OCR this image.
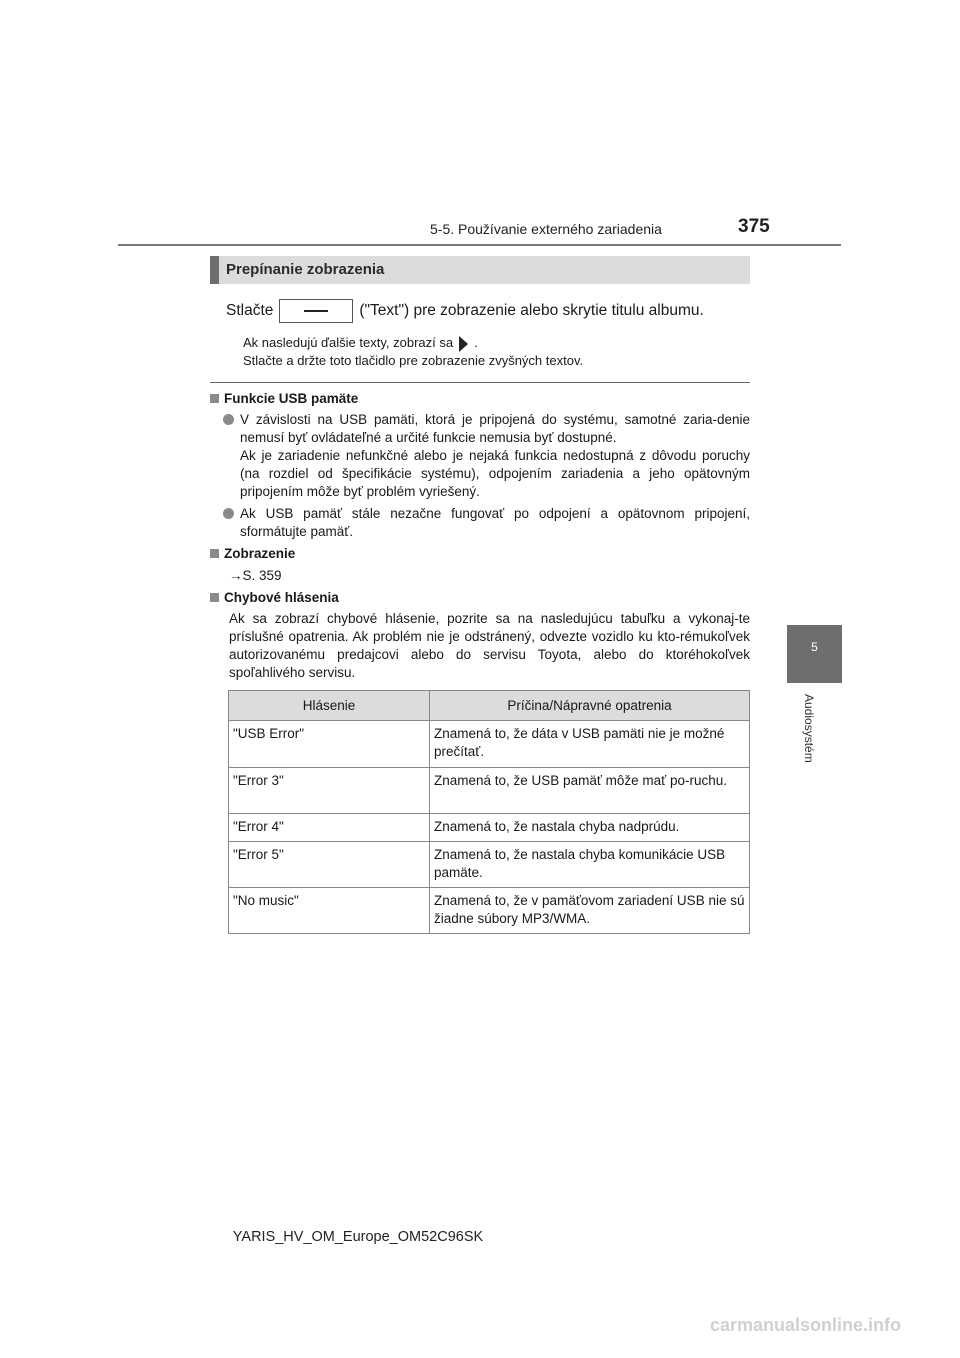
5-5. Používanie externého zariadenia	375
5
Audiosystém
Prepínanie zobrazenia
Stlačte	("Text") pre zobrazenie alebo skrytie titulu albumu.
Ak nasledujú ďalšie texty, zobrazí sa .
Stlačte a držte toto tlačidlo pre zobrazenie zvyšných textov.
Funkcie USB pamäte
V závislosti na USB pamäti, ktorá je pripojená do systému, samotné zaria-denie nemusí byť ovládateľné a určité funkcie nemusia byť dostupné.
Ak je zariadenie nefunkčné alebo je nejaká funkcia nedostupná z dôvodu poruchy (na rozdiel od špecifikácie systému), odpojením zariadenia a jeho opätovným pripojením môže byť problém vyriešený.
Ak USB pamäť stále nezačne fungovať po odpojení a opätovnom pripojení, sformátujte pamäť.
Zobrazenie
→S. 359
Chybové hlásenia
Ak sa zobrazí chybové hlásenie, pozrite sa na nasledujúcu tabuľku a vykonaj-te príslušné opatrenia. Ak problém nie je odstránený, odvezte vozidlo ku kto-rémukoľvek autorizovanému predajcovi alebo do servisu Toyota, alebo do ktoréhokoľvek spoľahlivého servisu.
Hlásenie	Príčina/Nápravné opatrenia
"USB Error"	Znamená to, že dáta v USB pamäti nie je možné prečítať.
"Error 3"	Znamená to, že USB pamäť môže mať po-ruchu.
"Error 4"	Znamená to, že nastala chyba nadprúdu.
"Error 5"	Znamená to, že nastala chyba komunikácie USB pamäte.
"No music"	Znamená to, že v pamäťovom zariadení USB nie sú žiadne súbory MP3/WMA.
YARIS_HV_OM_Europe_OM52C96SK
carmanualsonline.info
